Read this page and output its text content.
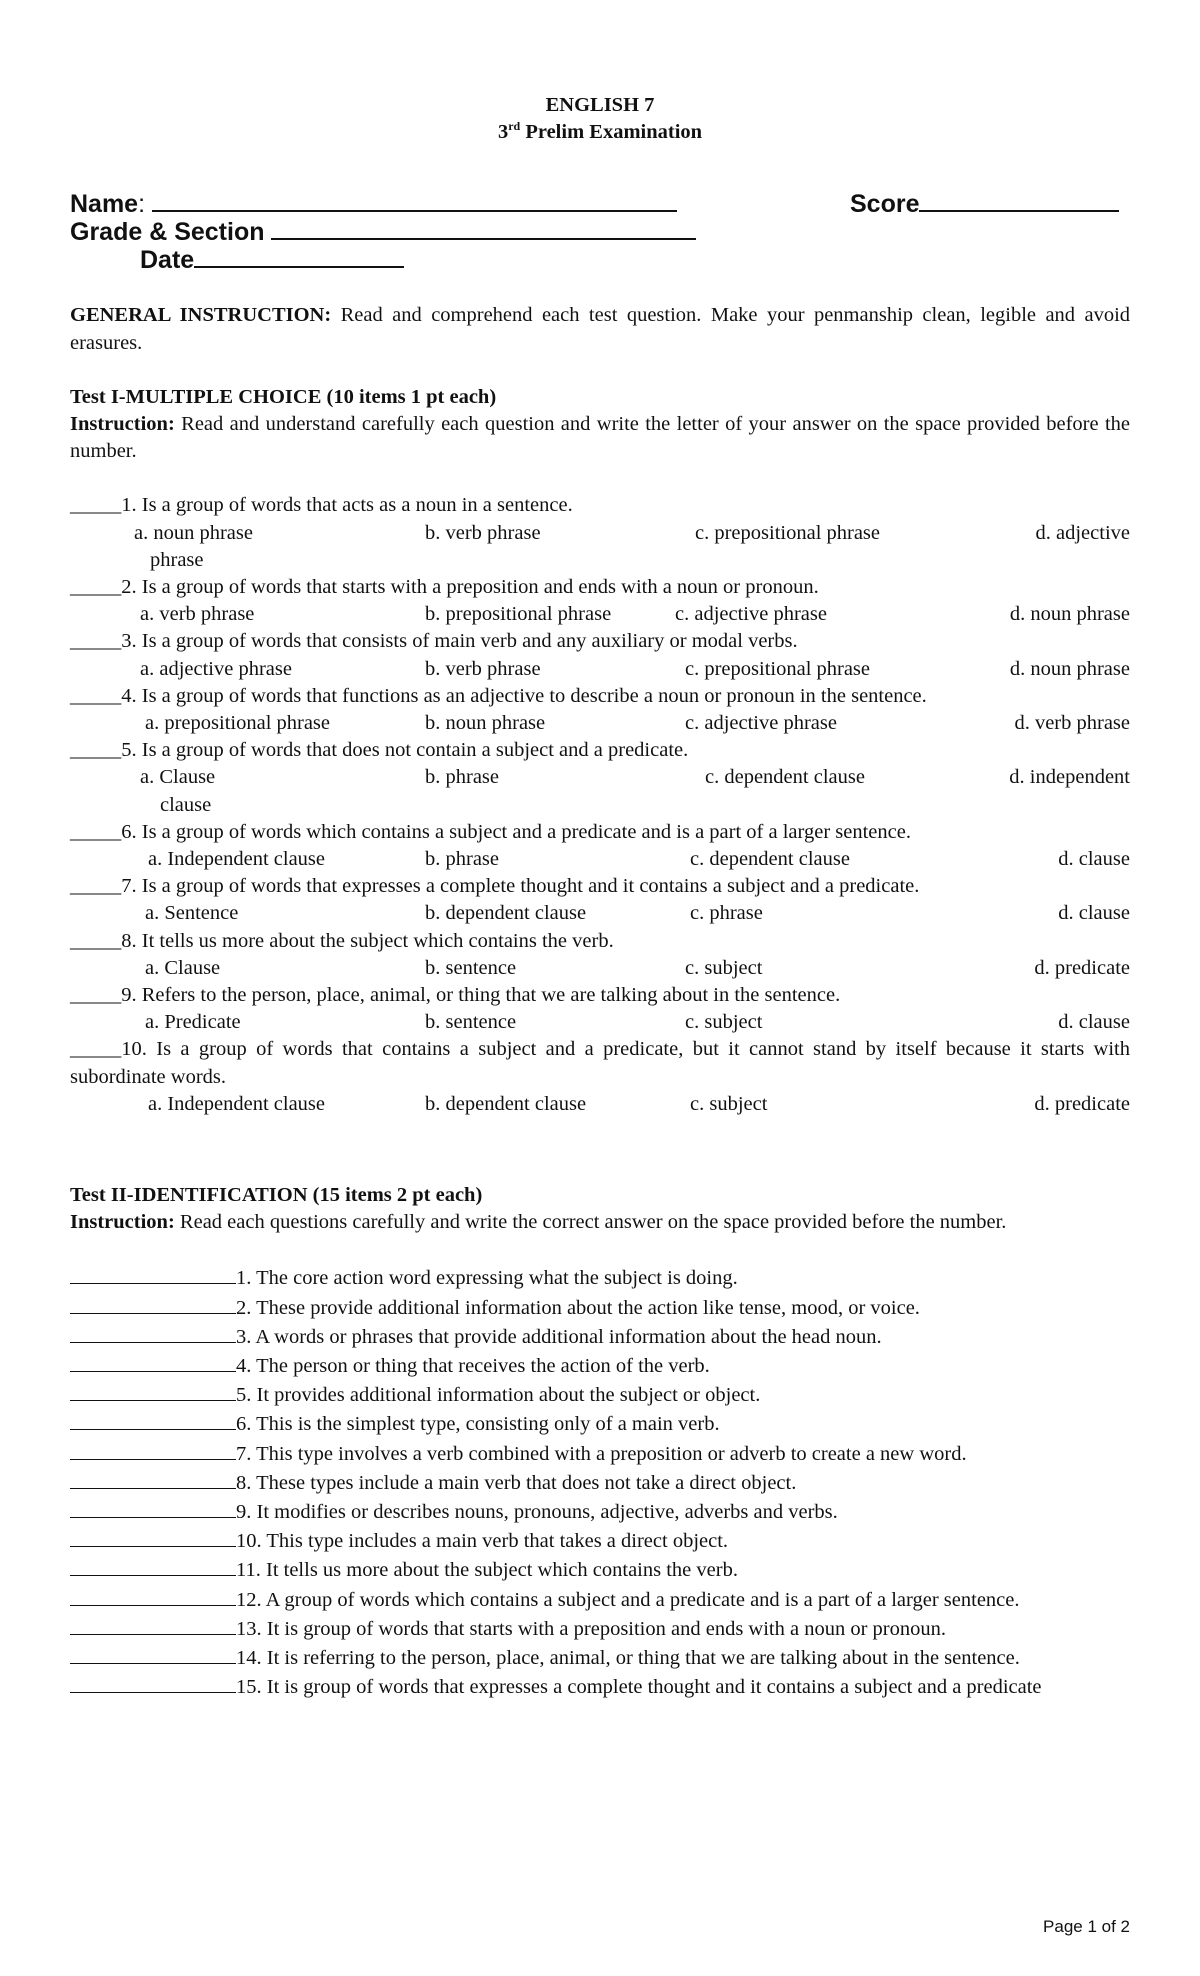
ENGLISH 7
3rd Prelim Examination
Name:	Score
Grade & Section
Date

GENERAL INSTRUCTION: Read and comprehend each test question. Make your penmanship clean, legible and avoid erasures.

Test I-MULTIPLE CHOICE (10 items 1 pt each)

Instruction: Read and understand carefully each question and write the letter of your answer on the space provided before the number.

_____1. Is a group of words that acts as a noun in a sentence.

a. noun phrase	b. verb phrase	c. prepositional phrase	d. adjective
phrase

_____2. Is a group of words that starts with a preposition and ends with a noun or pronoun.

a. verb phrase	b. prepositional phrase	c. adjective phrase	d. noun phrase

_____3. Is a group of words that consists of main verb and any auxiliary or modal verbs.

a. adjective phrase	b. verb phrase	c. prepositional phrase	d. noun phrase

_____4. Is a group of words that functions as an adjective to describe a noun or pronoun in the sentence.

a. prepositional phrase	b. noun phrase	c. adjective phrase	d. verb phrase

_____5. Is a group of words that does not contain a subject and a predicate.

a. Clause	b. phrase	c. dependent clause	d. independent
clause

_____6. Is a group of words which contains a subject and a predicate and is a part of a larger sentence.

a. Independent clause	b. phrase	c. dependent clause	d. clause

_____7. Is a group of words that expresses a complete thought and it contains a subject and a predicate.

a. Sentence	b. dependent clause	c. phrase	d. clause

_____8. It tells us more about the subject which contains the verb.

a. Clause	b. sentence	c. subject	d. predicate

_____9. Refers to the person, place, animal, or thing that we are talking about in the sentence.

a. Predicate	b. sentence	c. subject	d. clause

_____10. Is a group of words that contains a subject and a predicate, but it cannot stand by itself because it starts with subordinate words.

a. Independent clause	b. dependent clause	c. subject	d. predicate
Test II-IDENTIFICATION (15 items 2 pt each)

Instruction: Read each questions carefully and write the correct answer on the space provided before the number.

1. The core action word expressing what the subject is doing.

2. These provide additional information about the action like tense, mood, or voice.

3. A words or phrases that provide additional information about the head noun.

4. The person or thing that receives the action of the verb.

5. It provides additional information about the subject or object.

6. This is the simplest type, consisting only of a main verb.

7. This type involves a verb combined with a preposition or adverb to create a new word.

8. These types include a main verb that does not take a direct object.

9. It modifies or describes nouns, pronouns, adjective, adverbs and verbs.

10. This type includes a main verb that takes a direct object.

11. It tells us more about the subject which contains the verb.

12. A group of words which contains a subject and a predicate and is a part of a larger sentence.

13. It is group of words that starts with a preposition and ends with a noun or pronoun.

14. It is referring to the person, place, animal, or thing that we are talking about in the sentence.

15. It is group of words that expresses a complete thought and it contains a subject and a predicate

Page 1 of 2
